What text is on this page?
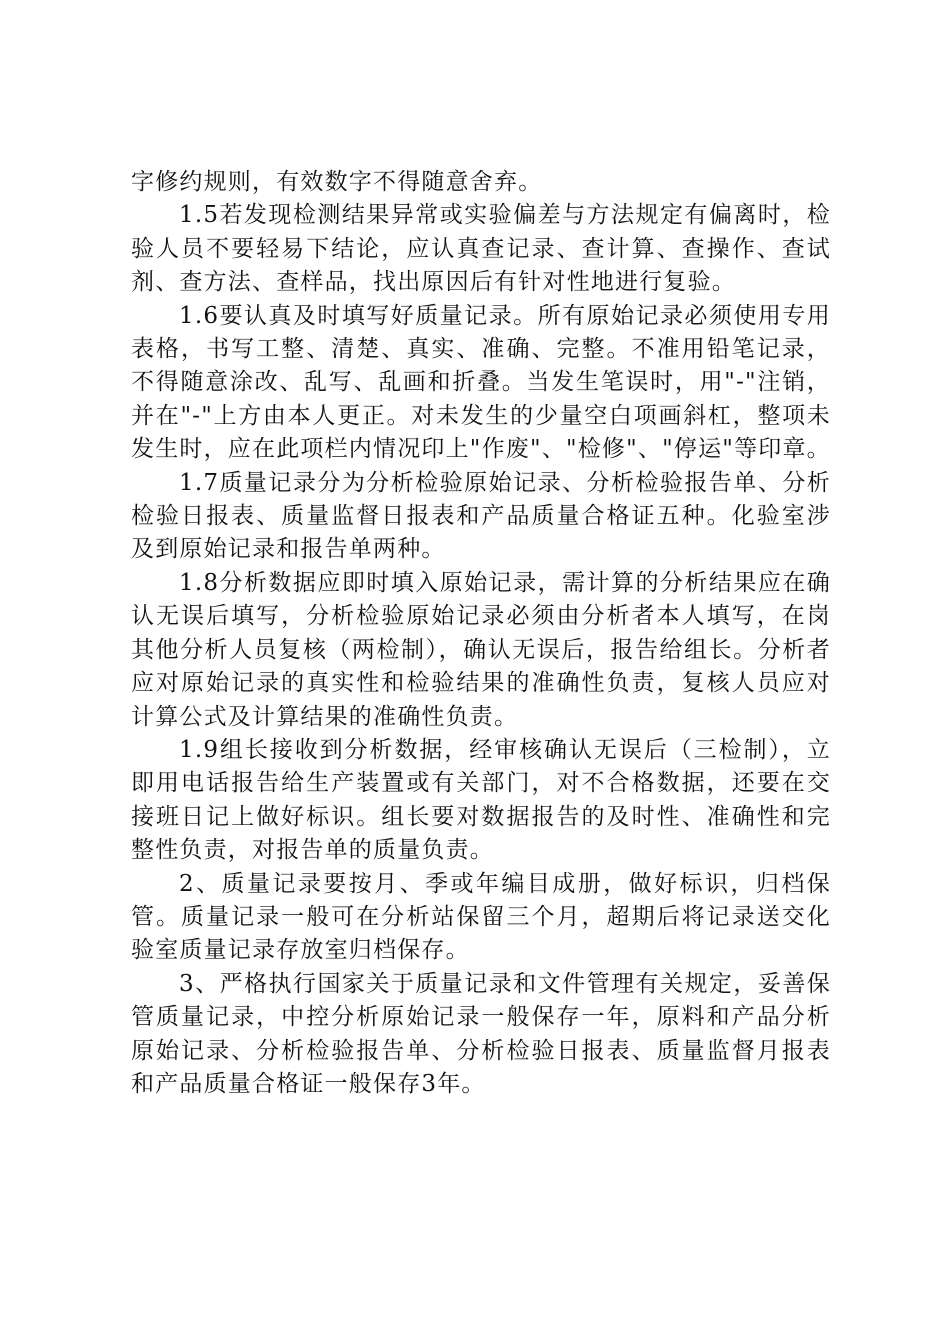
字修约规则，有效数字不得随意舍弃。

1.5若发现检测结果异常或实验偏差与方法规定有偏离时，检验人员不要轻易下结论，应认真查记录、查计算、查操作、查试剂、查方法、查样品，找出原因后有针对性地进行复验。

1.6要认真及时填写好质量记录。所有原始记录必须使用专用表格，书写工整、清楚、真实、准确、完整。不准用铅笔记录，不得随意涂改、乱写、乱画和折叠。当发生笔误时，用"-"注销，并在"-"上方由本人更正。对未发生的少量空白项画斜杠，整项未发生时，应在此项栏内情况印上"作废"、"检修"、"停运"等印章。

1.7质量记录分为分析检验原始记录、分析检验报告单、分析检验日报表、质量监督日报表和产品质量合格证五种。化验室涉及到原始记录和报告单两种。

1.8分析数据应即时填入原始记录，需计算的分析结果应在确认无误后填写，分析检验原始记录必须由分析者本人填写，在岗其他分析人员复核（两检制），确认无误后，报告给组长。分析者应对原始记录的真实性和检验结果的准确性负责，复核人员应对计算公式及计算结果的准确性负责。

1.9组长接收到分析数据，经审核确认无误后（三检制），立即用电话报告给生产装置或有关部门，对不合格数据，还要在交接班日记上做好标识。组长要对数据报告的及时性、准确性和完整性负责，对报告单的质量负责。

2、质量记录要按月、季或年编目成册，做好标识，归档保管。质量记录一般可在分析站保留三个月，超期后将记录送交化验室质量记录存放室归档保存。

3、严格执行国家关于质量记录和文件管理有关规定，妥善保管质量记录，中控分析原始记录一般保存一年，原料和产品分析原始记录、分析检验报告单、分析检验日报表、质量监督月报表和产品质量合格证一般保存3年。
